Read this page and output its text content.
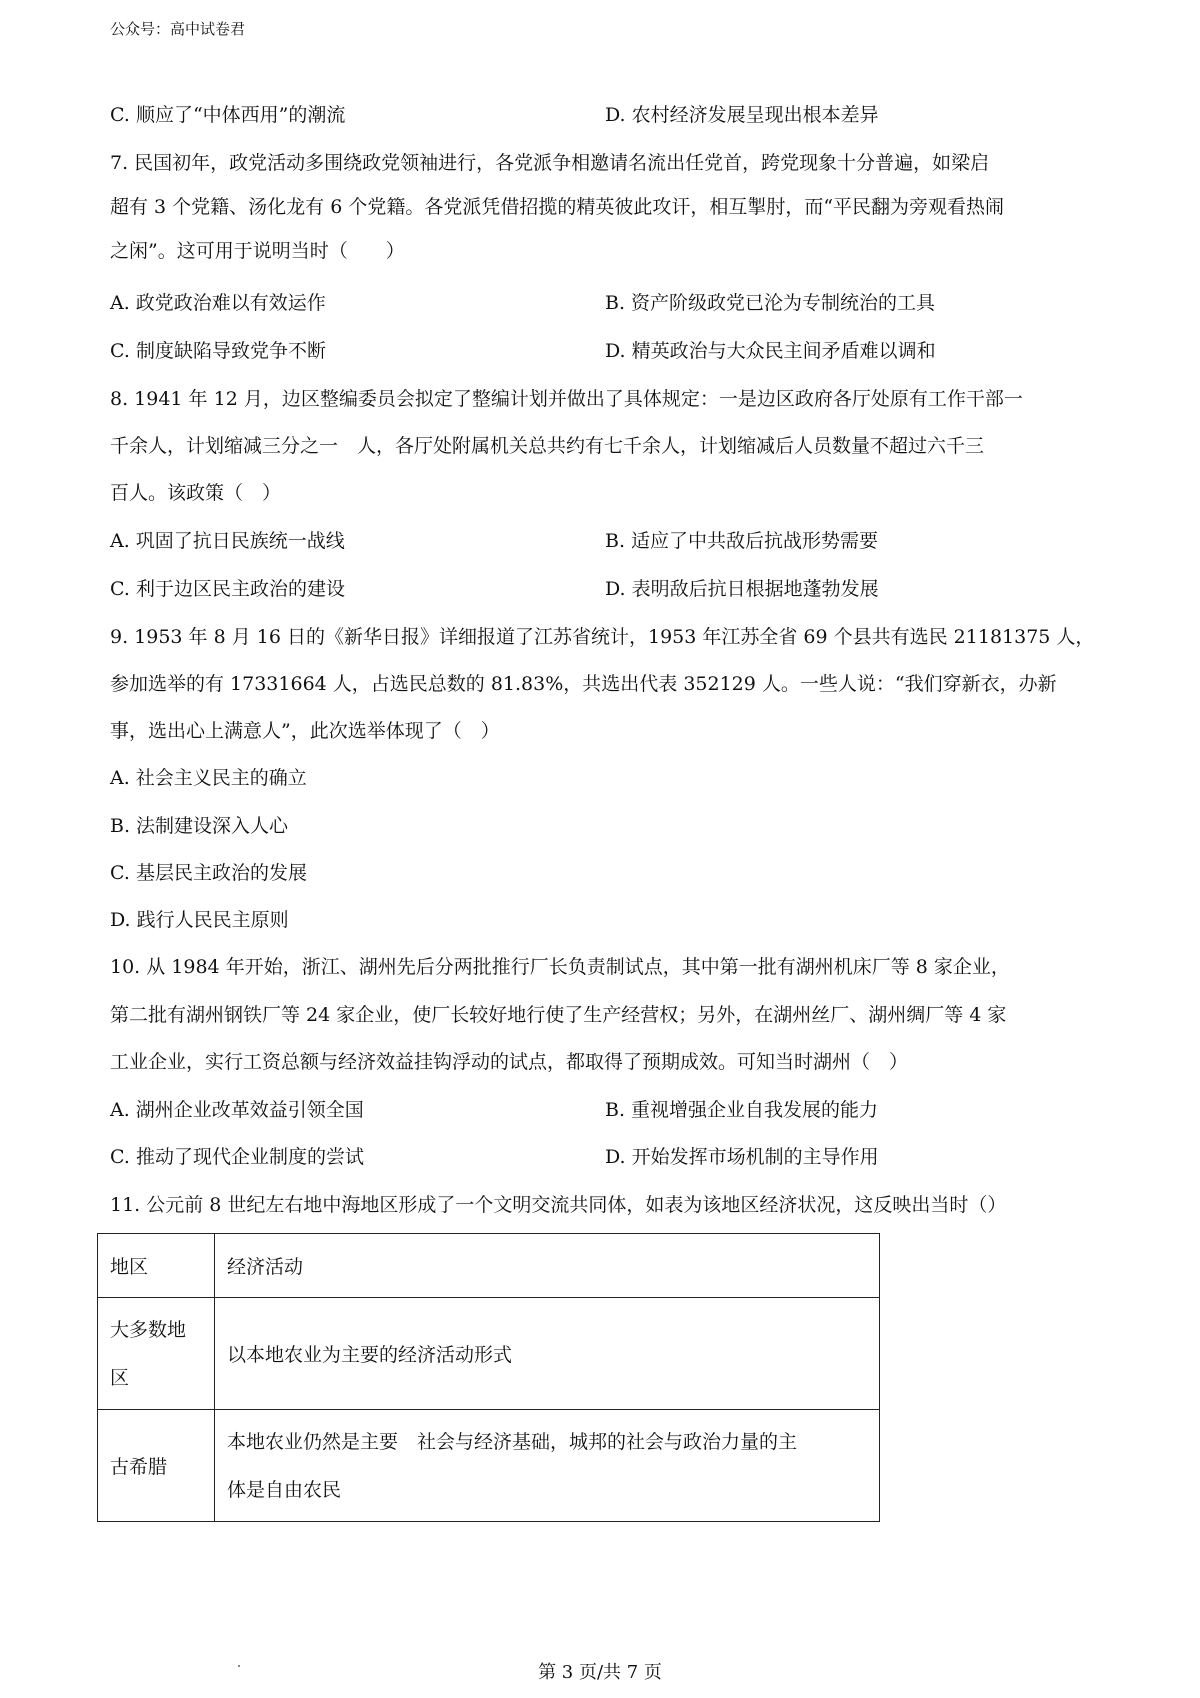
公众号：高中试卷君
C. 顺应了“中体西用”的潮流	D. 农村经济发展呈现出根本差异
7. 民国初年，政党活动多围绕政党领袖进行，各党派争相邀请名流出任党首，跨党现象十分普遍，如梁启
超有 3 个党籍、汤化龙有 6 个党籍。各党派凭借招揽的精英彼此攻讦，相互掣肘，而“平民翻为旁观看热闹
之闲”。这可用于说明当时（　　）
A. 政党政治难以有效运作	B. 资产阶级政党已沦为专制统治的工具
C. 制度缺陷导致党争不断	D. 精英政治与大众民主间矛盾难以调和
8. 1941 年 12 月，边区整编委员会拟定了整编计划并做出了具体规定：一是边区政府各厅处原有工作干部一
千余人，计划缩减三分之一　人，各厅处附属机关总共约有七千余人，计划缩减后人员数量不超过六千三
百人。该政策（　）
A. 巩固了抗日民族统一战线	B. 适应了中共敌后抗战形势需要
C. 利于边区民主政治的建设	D. 表明敌后抗日根据地蓬勃发展
9. 1953 年 8 月 16 日的《新华日报》详细报道了江苏省统计，1953 年江苏全省 69 个县共有选民 21181375 人，
参加选举的有 17331664 人，占选民总数的 81.83%，共选出代表 352129 人。一些人说：“我们穿新衣，办新
事，选出心上满意人”，此次选举体现了（　）
A. 社会主义民主的确立
B. 法制建设深入人心
C. 基层民主政治的发展
D. 践行人民民主原则
10. 从 1984 年开始，浙江、湖州先后分两批推行厂长负责制试点，其中第一批有湖州机床厂等 8 家企业，
第二批有湖州钢铁厂等 24 家企业，使厂长较好地行使了生产经营权；另外，在湖州丝厂、湖州绸厂等 4 家
工业企业，实行工资总额与经济效益挂钩浮动的试点，都取得了预期成效。可知当时湖州（　）
A. 湖州企业改革效益引领全国	B. 重视增强企业自我发展的能力
C. 推动了现代企业制度的尝试	D. 开始发挥市场机制的主导作用
11. 公元前 8 世纪左右地中海地区形成了一个文明交流共同体，如表为该地区经济状况，这反映出当时（）
地区	经济活动
大多数地
区	以本地农业为主要的经济活动形式
古希腊	本地农业仍然是主要　社会与经济基础，城邦的社会与政治力量的主
体是自由农民
第 3 页/共 7 页
